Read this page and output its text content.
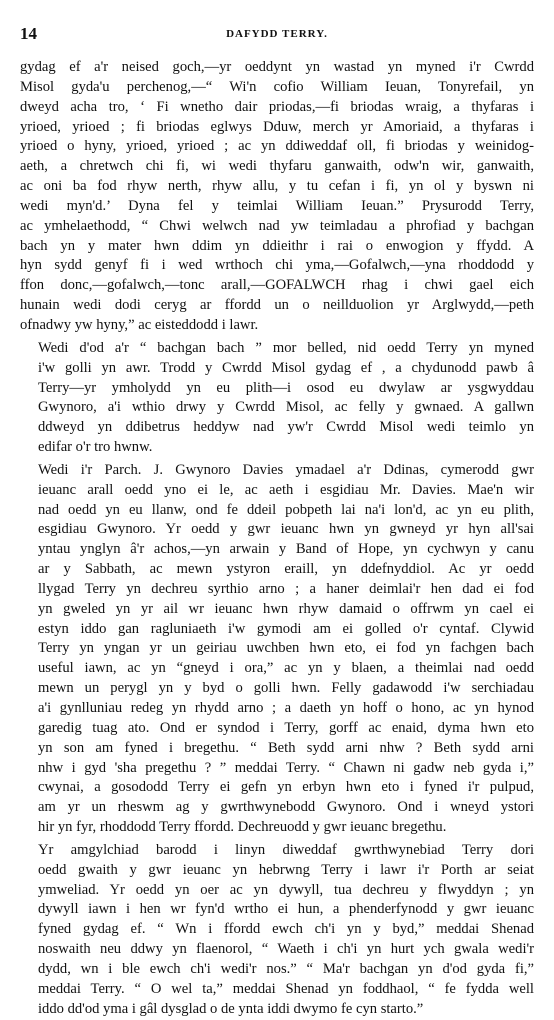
14	DAFYDD TERRY.

gydag ef a'r neised goch,—yr oeddynt yn wastad yn myned i'r Cwrdd
Misol gyda'u perchenog,—“ Wi'n cofio William Ieuan, Tonyrefail, yn
dweyd acha tro, ‘ Fi wnetho dair priodas,—fi briodas wraig, a thyfaras i
yrioed, yrioed ; fi briodas eglwys Dduw, merch yr Amoriaid, a thyfaras i
yrioed o hyny, yrioed, yrioed ; ac yn ddiweddaf oll, fi briodas y weinidog-
aeth, a chretwch chi fi, wi wedi thyfaru ganwaith, odw'n wir, ganwaith,
ac oni ba fod rhyw nerth, rhyw allu, y tu cefan i fi, yn ol y byswn ni
wedi myn'd.’ Dyna fel y teimlai William Ieuan.” Prysurodd Terry,
ac ymhelaethodd, “ Chwi welwch nad yw teimladau a phrofiad y bachgan
bach yn y mater hwn ddim yn ddieithr i rai o enwogion y ffydd. A
hyn sydd genyf fi i wed wrthoch chi yma,—Gofalwch,—yna rhoddodd y
ffon donc,—gofalwch,—tonc arall,—GOFALWCH rhag i chwi gael eich
hunain wedi dodi ceryg ar ffordd un o neillduolion yr Arglwydd,—peth
ofnadwy yw hyny,” ac eisteddodd i lawr.

Wedi d'od a'r “ bachgan bach ” mor belled, nid oedd Terry yn myned
i'w golli yn awr. Trodd y Cwrdd Misol gydag ef , a chydunodd pawb â
Terry—yr ymholydd yn eu plith—i osod eu dwylaw ar ysgwyddau
Gwynoro, a'i wthio drwy y Cwrdd Misol, ac felly y gwnaed. A gallwn
ddweyd yn ddibetrus heddyw nad yw'r Cwrdd Misol wedi teimlo yn
edifar o'r tro hwnw.

Wedi i'r Parch. J. Gwynoro Davies ymadael a'r Ddinas, cymerodd gwr
ieuanc arall oedd yno ei le, ac aeth i esgidiau Mr. Davies. Mae'n wir
nad oedd yn eu llanw, ond fe ddeil pobpeth lai na'i lon'd, ac yn eu plith,
esgidiau Gwynoro. Yr oedd y gwr ieuanc hwn yn gwneyd yr hyn all'sai
yntau ynglyn â'r achos,—yn arwain y Band of Hope, yn cychwyn y canu
ar y Sabbath, ac mewn ystyron eraill, yn ddefnyddiol. Ac yr oedd
llygad Terry yn dechreu syrthio arno ; a haner deimlai'r hen dad ei fod
yn gweled yn yr ail wr ieuanc hwn rhyw damaid o offrwm yn cael ei
estyn iddo gan ragluniaeth i'w gymodi am ei golled o'r cyntaf. Clywid
Terry yn yngan yr un geiriau uwchben hwn eto, ei fod yn fachgen bach
useful iawn, ac yn “gneyd i ora,” ac yn y blaen, a theimlai nad oedd
mewn un perygl yn y byd o golli hwn. Felly gadawodd i'w serchiadau
a'i gynlluniau redeg yn rhydd arno ; a daeth yn hoff o hono, ac yn hynod
garedig tuag ato. Ond er syndod i Terry, gorff ac enaid, dyma hwn eto
yn son am fyned i bregethu. “ Beth sydd arni nhw ? Beth sydd arni
nhw i gyd 'sha pregethu ? ” meddai Terry. “ Chawn ni gadw neb gyda i,”
cwynai, a gosododd Terry ei gefn yn erbyn hwn eto i fyned i'r pulpud,
am yr un rheswm ag y gwrthwynebodd Gwynoro. Ond i wneyd ystori
hir yn fyr, rhoddodd Terry ffordd. Dechreuodd y gwr ieuanc bregethu.

Yr amgylchiad barodd i linyn diweddaf gwrthwynebiad Terry dori
oedd gwaith y gwr ieuanc yn hebrwng Terry i lawr i'r Porth ar seiat
ymweliad. Yr oedd yn oer ac yn dywyll, tua dechreu y flwyddyn ; yn
dywyll iawn i hen wr fyn'd wrtho ei hun, a phenderfynodd y gwr ieuanc
fyned gydag ef. “ Wn i ffordd ewch ch'i yn y byd,” meddai Shenad
noswaith neu ddwy yn flaenorol, “ Waeth i ch'i yn hurt ych gwala wedi'r
dydd, wn i ble ewch ch'i wedi'r nos.” “ Ma'r bachgan yn d'od gyda fi,”
meddai Terry. “ O wel ta,” meddai Shenad yn foddhaol, “ fe fydda well
iddo dd'od yma i gâl dysglad o de ynta iddi dwymo fe cyn starto.”
